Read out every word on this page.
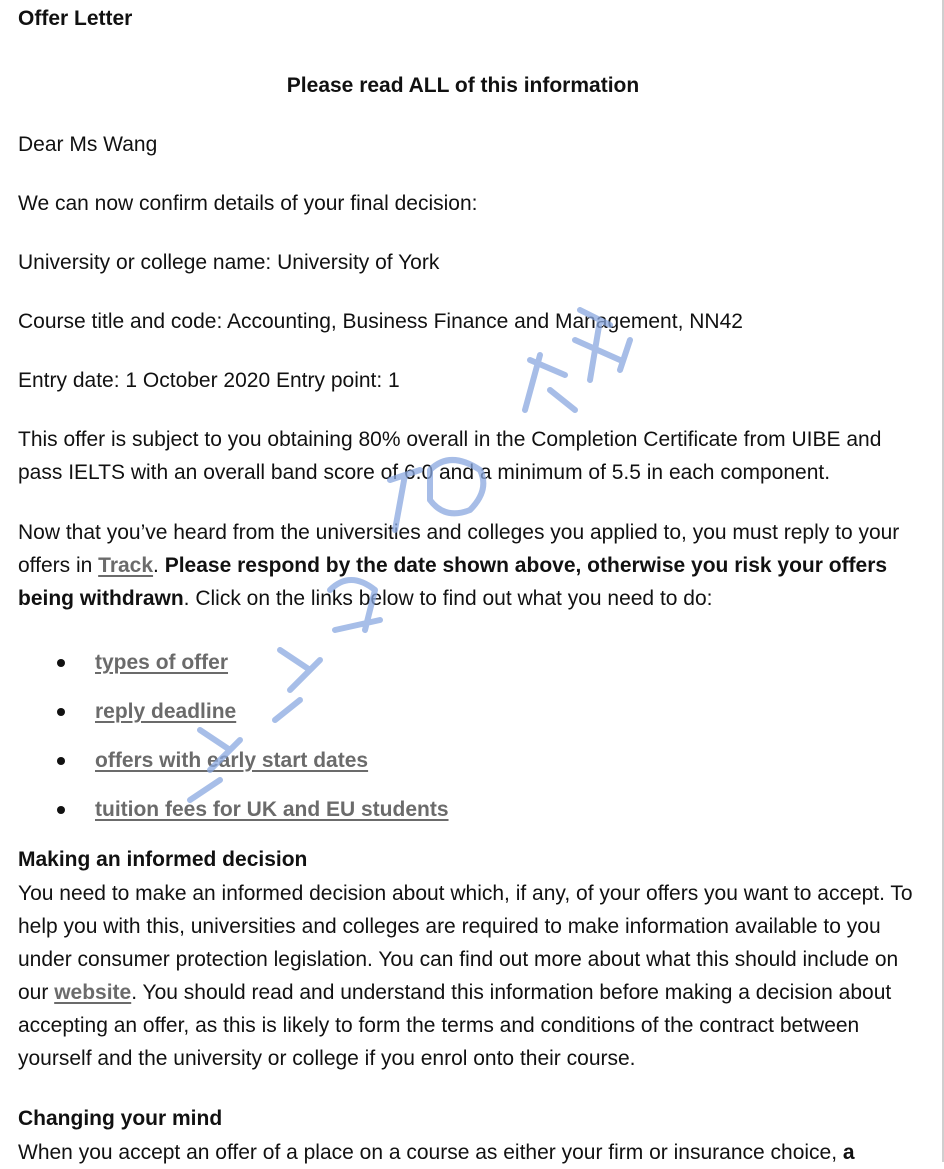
Offer Letter
Please read ALL of this information

Dear Ms Wang

We can now confirm details of your final decision:

University or college name: University of York

Course title and code: Accounting, Business Finance and Management, NN42

Entry date: 1 October 2020 Entry point: 1

This offer is subject to you obtaining 80% overall in the Completion Certificate from UIBE and pass IELTS with an overall band score of 6.0 and a minimum of 5.5 in each component.

Now that you’ve heard from the universities and colleges you applied to, you must reply to your offers in Track. Please respond by the date shown above, otherwise you risk your offers being withdrawn. Click on the links below to find out what you need to do:

types of offer
reply deadline
offers with early start dates
tuition fees for UK and EU students

Making an informed decision

You need to make an informed decision about which, if any, of your offers you want to accept. To help you with this, universities and colleges are required to make information available to you under consumer protection legislation. You can find out more about what this should include on our website. You should read and understand this information before making a decision about accepting an offer, as this is likely to form the terms and conditions of the contract between yourself and the university or college if you enrol onto their course.

Changing your mind

When you accept an offer of a place on a course as either your firm or insurance choice, a
